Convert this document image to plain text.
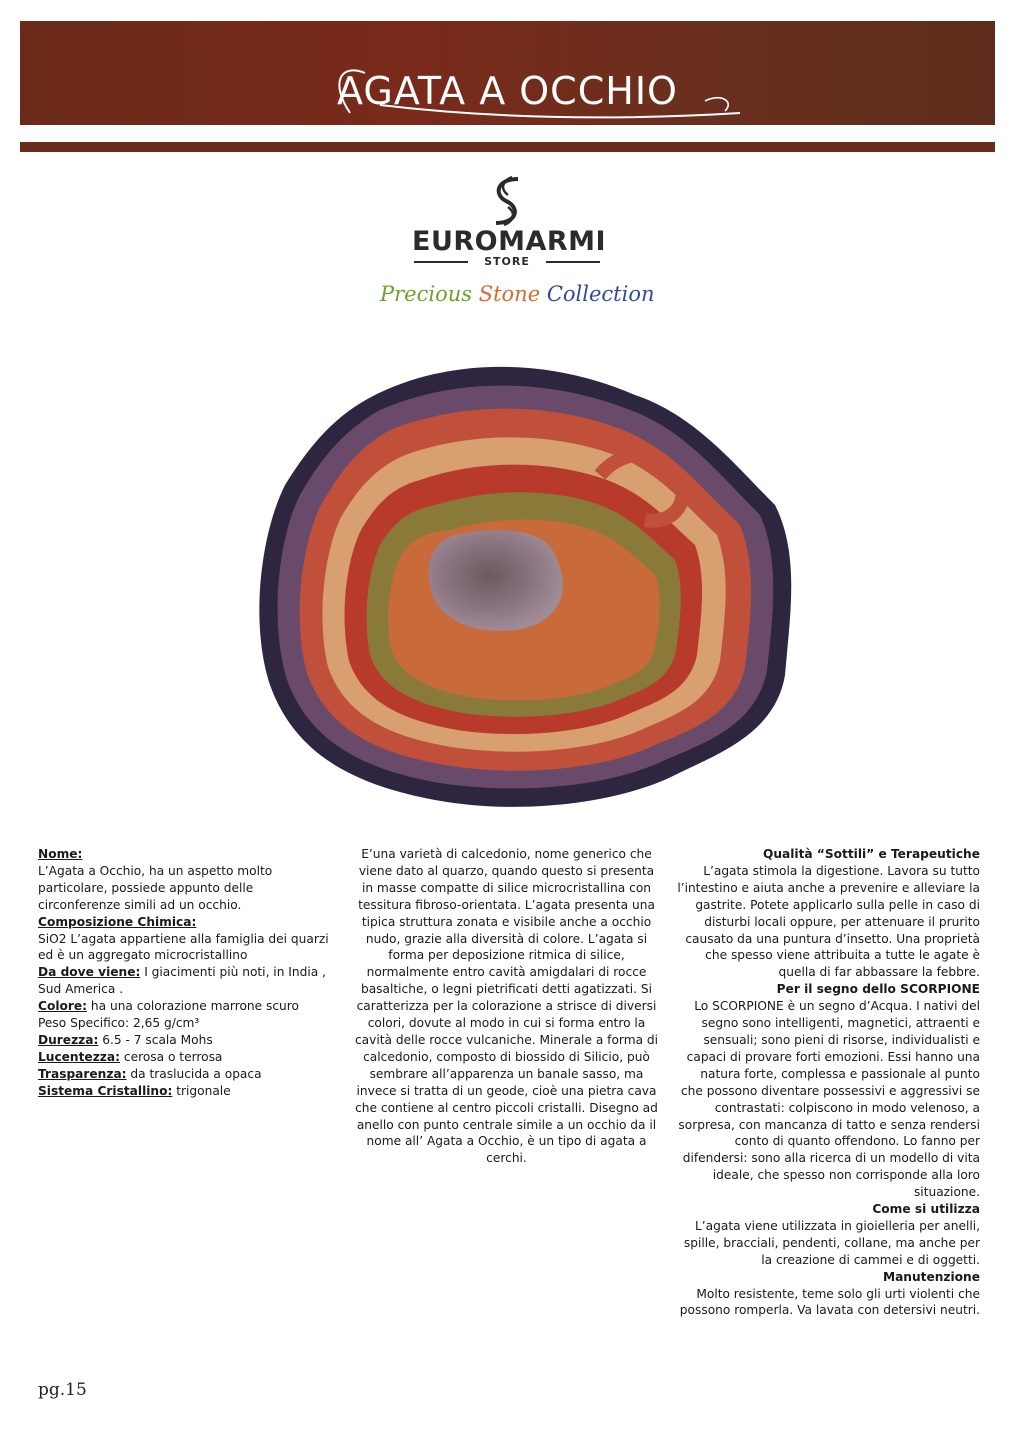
AGATA A OCCHIO
EUROMARMI
STORE
Precious Stone Collection

Nome:

L’Agata a Occhio, ha un aspetto molto particolare, possiede appunto delle circonferenze simili ad un occhio.

Composizione Chimica:

SiO2 L’agata appartiene alla famiglia dei quarzi ed è un aggregato microcristallino

Da dove viene: I giacimenti più noti, in India , Sud America .

Colore: ha una colorazione marrone scuro

Peso Specifico: 2,65 g/cm³

Durezza: 6.5 - 7 scala Mohs

Lucentezza: cerosa o terrosa

Trasparenza: da traslucida a opaca

Sistema Cristallino: trigonale

E’una varietà di calcedonio, nome generico che viene dato al quarzo, quando questo si presenta in masse compatte di silice microcristallina con tessitura fibroso-orientata. L’agata presenta una tipica struttura zonata e visibile anche a occhio nudo, grazie alla diversità di colore. L’agata si forma per deposizione ritmica di silice, normalmente entro cavità amigdalari di rocce basaltiche, o legni pietrificati detti agatizzati. Si caratterizza per la colorazione a strisce di diversi colori, dovute al modo in cui si forma entro la cavità delle rocce vulcaniche. Minerale a forma di calcedonio, composto di biossido di Silicio, può sembrare all’apparenza un banale sasso, ma invece si tratta di un geode, cioè una pietra cava che contiene al centro piccoli cristalli. Disegno ad anello con punto centrale simile a un occhio da il nome all’ Agata a Occhio, è un tipo di agata a cerchi.

Qualità “Sottili” e Terapeutiche

L’agata stimola la digestione. Lavora su tutto l’intestino e aiuta anche a prevenire e alleviare la gastrite. Potete applicarlo sulla pelle in caso di disturbi locali oppure, per attenuare il prurito causato da una puntura d’insetto. Una proprietà che spesso viene attribuita a tutte le agate è quella di far abbassare la febbre.

Per il segno dello SCORPIONE

Lo SCORPIONE è un segno d’Acqua. I nativi del segno sono intelligenti, magnetici, attraenti e sensuali; sono pieni di risorse, individualisti e capaci di provare forti emozioni. Essi hanno una natura forte, complessa e passionale al punto che possono diventare possessivi e aggressivi se contrastati: colpiscono in modo velenoso, a sorpresa, con mancanza di tatto e senza rendersi conto di quanto offendono. Lo fanno per difendersi: sono alla ricerca di un modello di vita ideale, che spesso non corrisponde alla loro situazione.

Come si utilizza

L’agata viene utilizzata in gioielleria per anelli, spille, bracciali, pendenti, collane, ma anche per la creazione di cammei e di oggetti.

Manutenzione

Molto resistente, teme solo gli urti violenti che possono romperla. Va lavata con detersivi neutri.

pg.15
